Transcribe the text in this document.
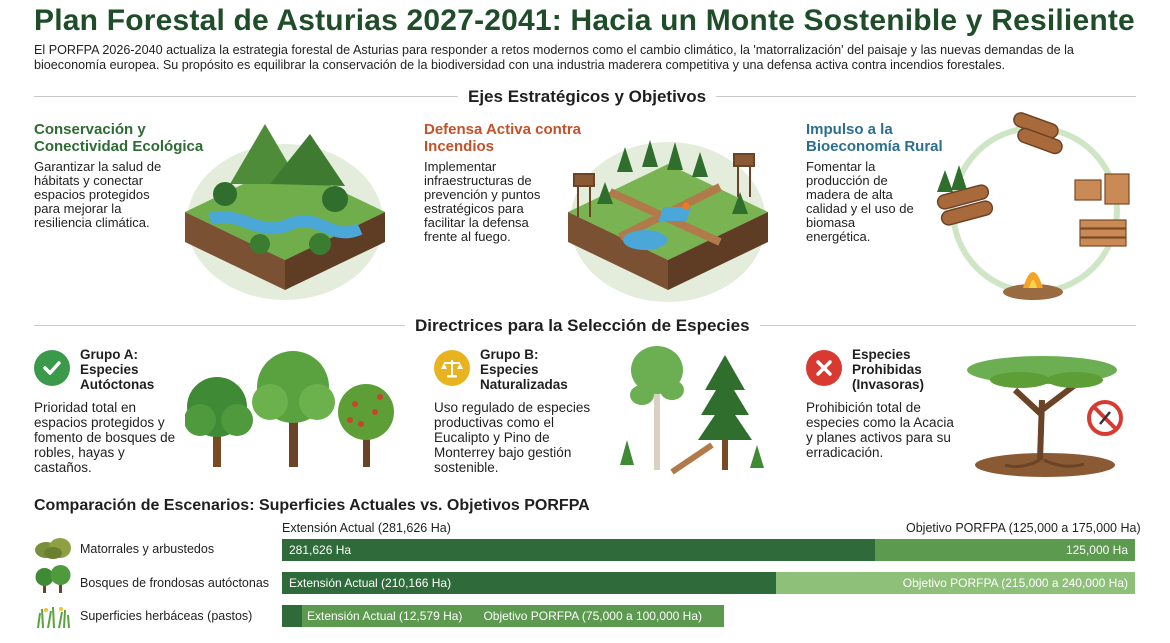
Plan Forestal de Asturias 2027-2041: Hacia un Monte Sostenible y Resiliente
El PORFPA 2026-2040 actualiza la estrategia forestal de Asturias para responder a retos modernos como el cambio climático, la 'matorralización' del paisaje y las nuevas demandas de la bioeconomía europea. Su propósito es equilibrar la conservación de la biodiversidad con una industria maderera competitiva y una defensa activa contra incendios forestales.
Ejes Estratégicos y Objetivos
Conservación y Conectividad Ecológica
Garantizar la salud de hábitats y conectar espacios protegidos para mejorar la resiliencia climática.
Defensa Activa contra Incendios
Implementar infraestructuras de prevención y puntos estratégicos para facilitar la defensa frente al fuego.
Impulso a la Bioeconomía Rural
Fomentar la producción de madera de alta calidad y el uso de biomasa energética.
Directrices para la Selección de Especies
Grupo A: Especies Autóctonas
Prioridad total en espacios protegidos y fomento de bosques de robles, hayas y castaños.
Grupo B: Especies Naturalizadas
Uso regulado de especies productivas como el Eucalipto y Pino de Monterrey bajo gestión sostenible.
Especies Prohibidas (Invasoras)
Prohibición total de especies como la Acacia y planes activos para su erradicación.
Comparación de Escenarios: Superficies Actuales vs. Objetivos PORFPA
Extensión Actual (281,626 Ha)	Objetivo PORFPA (125,000 a 175,000 Ha)
Matorrales y arbustedos	281,626 Ha	125,000 Ha
Bosques de frondosas autóctonas	Extensión Actual (210,166 Ha)	Objetivo PORFPA (215,000 a 240,000 Ha)
Superficies herbáceas (pastos)	Extensión Actual (12,579 Ha)	Objetivo PORFPA (75,000 a 100,000 Ha)
